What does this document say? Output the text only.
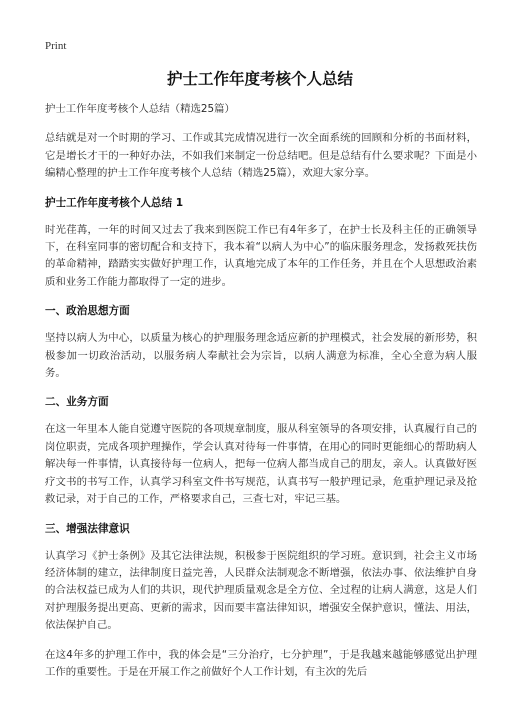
Print
护士工作年度考核个人总结

护士工作年度考核个人总结（精选25篇）

总结就是对一个时期的学习、工作或其完成情况进行一次全面系统的回顾和分析的书面材料，它是增长才干的一种好办法，不如我们来制定一份总结吧。但是总结有什么要求呢？下面是小编精心整理的护士工作年度考核个人总结（精选25篇），欢迎大家分享。

护士工作年度考核个人总结 1

时光荏苒，一年的时间又过去了我来到医院工作已有4年多了，在护士长及科主任的正确领导下，在科室同事的密切配合和支持下，我本着“以病人为中心”的临床服务理念，发扬救死扶伤的革命精神，踏踏实实做好护理工作，认真地完成了本年的工作任务，并且在个人思想政治素质和业务工作能力都取得了一定的进步。

一、政治思想方面

坚持以病人为中心，以质量为核心的护理服务理念适应新的护理模式，社会发展的新形势，积极参加一切政治活动，以服务病人奉献社会为宗旨，以病人满意为标准，全心全意为病人服务。

二、业务方面

在这一年里本人能自觉遵守医院的各项规章制度，服从科室领导的各项安排，认真履行自己的岗位职责，完成各项护理操作，学会认真对待每一件事情，在用心的同时更能细心的帮助病人解决每一件事情，认真接待每一位病人，把每一位病人都当成自己的朋友，亲人。认真做好医疗文书的书写工作，认真学习科室文件书写规范，认真书写一般护理记录，危重护理记录及抢救记录，对于自己的工作，严格要求自己，三查七对，牢记三基。

三、增强法律意识

认真学习《护士条例》及其它法律法规，积极参于医院组织的学习班。意识到，社会主义市场经济体制的建立，法律制度日益完善，人民群众法制观念不断增强，依法办事、依法维护自身的合法权益已成为人们的共识，现代护理质量观念是全方位、全过程的让病人满意，这是人们对护理服务提出更高、更新的需求，因而要丰富法律知识，增强安全保护意识，懂法、用法，依法保护自己。

在这4年多的护理工作中，我的体会是“三分治疗，七分护理”，于是我越来越能够感觉出护理工作的重要性。于是在开展工作之前做好个人工作计划，有主次的先后
